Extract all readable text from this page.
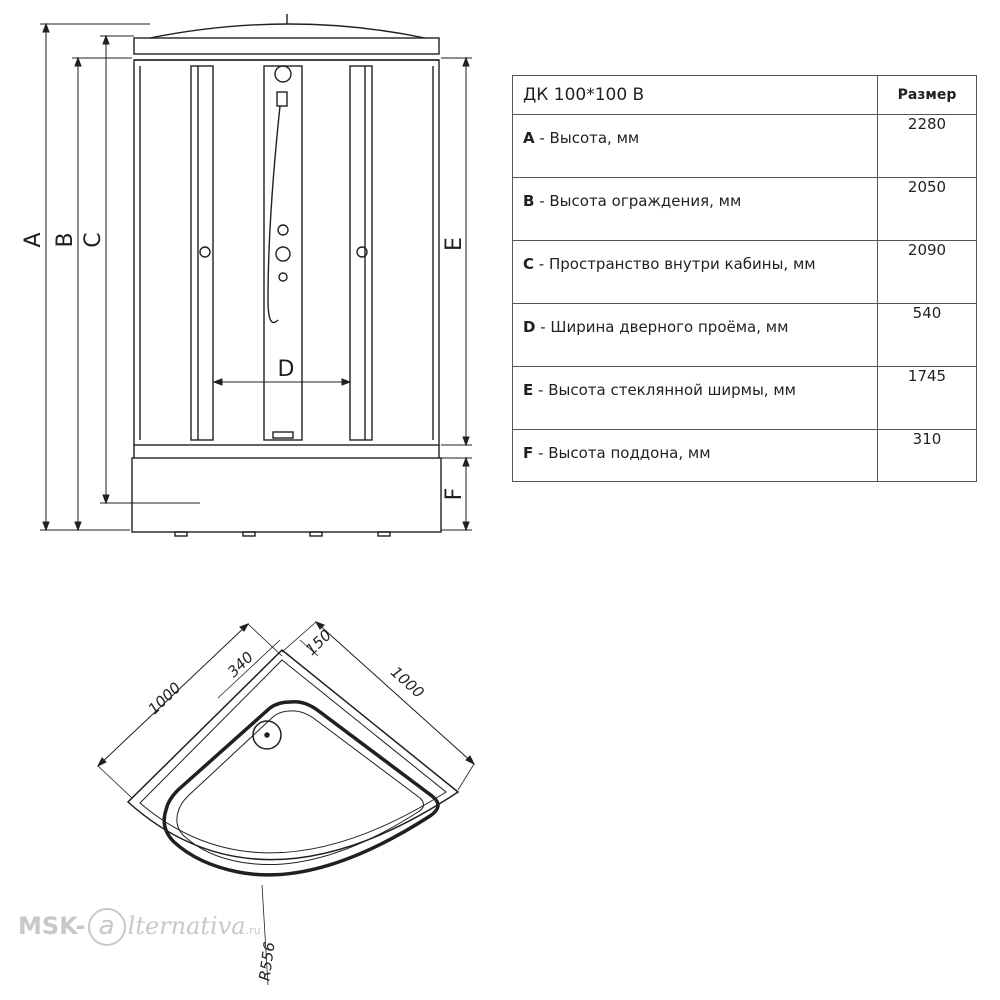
A B C
D
E
F
ДК 100*100 B	Размер
A - Высота, мм	2280
B - Высота ограждения, мм	2050
C - Пространство внутри кабины, мм	2090
D - Ширина дверного проёма, мм	540
E - Высота стеклянной ширмы, мм	1745
F - Высота поддона, мм	310
1000	1000
340
150
R556
MSK- a lternativa.ru
